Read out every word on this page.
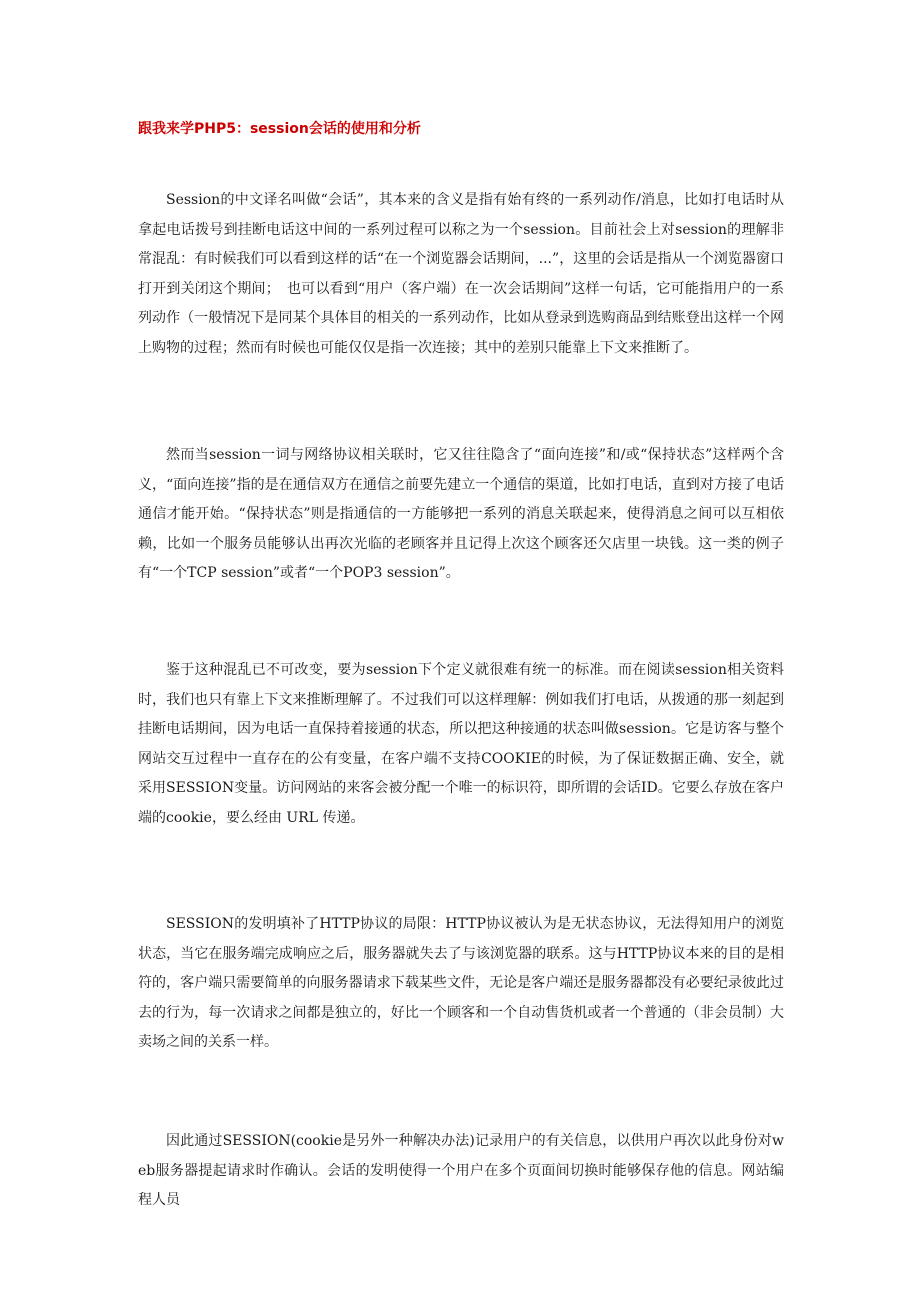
跟我来学PHP5：session会话的使用和分析

Session的中文译名叫做“会话”，其本来的含义是指有始有终的一系列动作/消息，比如打电话时从拿起电话拨号到挂断电话这中间的一系列过程可以称之为一个session。目前社会上对session的理解非常混乱：有时候我们可以看到这样的话“在一个浏览器会话期间，...”，这里的会话是指从一个浏览器窗口打开到关闭这个期间；　也可以看到“用户（客户端）在一次会话期间”这样一句话，它可能指用户的一系列动作（一般情况下是同某个具体目的相关的一系列动作，比如从登录到选购商品到结账登出这样一个网上购物的过程；然而有时候也可能仅仅是指一次连接；其中的差别只能靠上下文来推断了。

然而当session一词与网络协议相关联时，它又往往隐含了“面向连接”和/或“保持状态”这样两个含义，“面向连接”指的是在通信双方在通信之前要先建立一个通信的渠道，比如打电话，直到对方接了电话通信才能开始。“保持状态”则是指通信的一方能够把一系列的消息关联起来，使得消息之间可以互相依赖，比如一个服务员能够认出再次光临的老顾客并且记得上次这个顾客还欠店里一块钱。这一类的例子有“一个TCP session”或者“一个POP3 session”。

鉴于这种混乱已不可改变，要为session下个定义就很难有统一的标准。而在阅读session相关资料时，我们也只有靠上下文来推断理解了。不过我们可以这样理解：例如我们打电话，从拨通的那一刻起到挂断电话期间，因为电话一直保持着接通的状态，所以把这种接通的状态叫做session。它是访客与整个网站交互过程中一直存在的公有变量，在客户端不支持COOKIE的时候，为了保证数据正确、安全，就采用SESSION变量。访问网站的来客会被分配一个唯一的标识符，即所谓的会话ID。它要么存放在客户端的cookie，要么经由 URL 传递。

SESSION的发明填补了HTTP协议的局限：HTTP协议被认为是无状态协议，无法得知用户的浏览状态，当它在服务端完成响应之后，服务器就失去了与该浏览器的联系。这与HTTP协议本来的目的是相符的，客户端只需要简单的向服务器请求下载某些文件，无论是客户端还是服务器都没有必要纪录彼此过去的行为，每一次请求之间都是独立的，好比一个顾客和一个自动售货机或者一个普通的（非会员制）大卖场之间的关系一样。

因此通过SESSION(cookie是另外一种解决办法)记录用户的有关信息，以供用户再次以此身份对web服务器提起请求时作确认。会话的发明使得一个用户在多个页面间切换时能够保存他的信息。网站编程人员
